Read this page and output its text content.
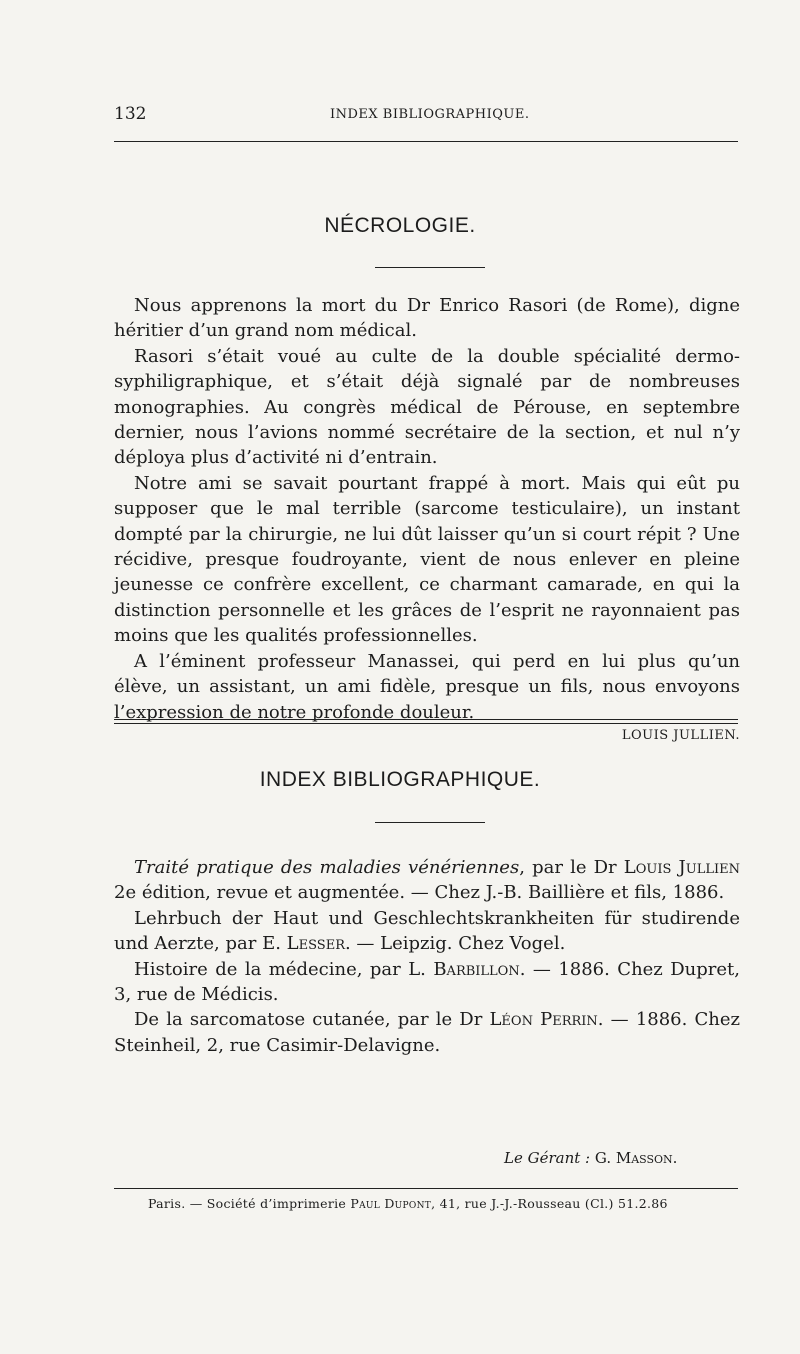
132	INDEX BIBLIOGRAPHIQUE.
NÉCROLOGIE.

Nous apprenons la mort du Dr Enrico Rasori (de Rome), digne héritier d’un grand nom médical.

Rasori s’était voué au culte de la double spécialité dermo-syphiligraphique, et s’était déjà signalé par de nombreuses monographies. Au congrès médical de Pérouse, en septembre dernier, nous l’avions nommé secrétaire de la section, et nul n’y déploya plus d’activité ni d’entrain.

Notre ami se savait pourtant frappé à mort. Mais qui eût pu supposer que le mal terrible (sarcome testiculaire), un instant dompté par la chirurgie, ne lui dût laisser qu’un si court répit ? Une récidive, presque foudroyante, vient de nous enlever en pleine jeunesse ce confrère excellent, ce charmant camarade, en qui la distinction personnelle et les grâces de l’esprit ne rayonnaient pas moins que les qualités professionnelles.

A l’éminent professeur Manassei, qui perd en lui plus qu’un élève, un assistant, un ami fidèle, presque un fils, nous envoyons l’expression de notre profonde douleur.

LOUIS JULLIEN.
INDEX BIBLIOGRAPHIQUE.

Traité pratique des maladies vénériennes, par le Dr Louis Jullien 2e édition, revue et augmentée. — Chez J.-B. Baillière et fils, 1886.

Lehrbuch der Haut und Geschlechtskrankheiten für studirende und Aerzte, par E. Lesser. — Leipzig. Chez Vogel.

Histoire de la médecine, par L. Barbillon. — 1886. Chez Dupret, 3, rue de Médicis.

De la sarcomatose cutanée, par le Dr Léon Perrin. — 1886. Chez Steinheil, 2, rue Casimir-Delavigne.

Le Gérant : G. Masson.
Paris. — Société d’imprimerie Paul Dupont, 41, rue J.-J.-Rousseau (Cl.) 51.2.86
